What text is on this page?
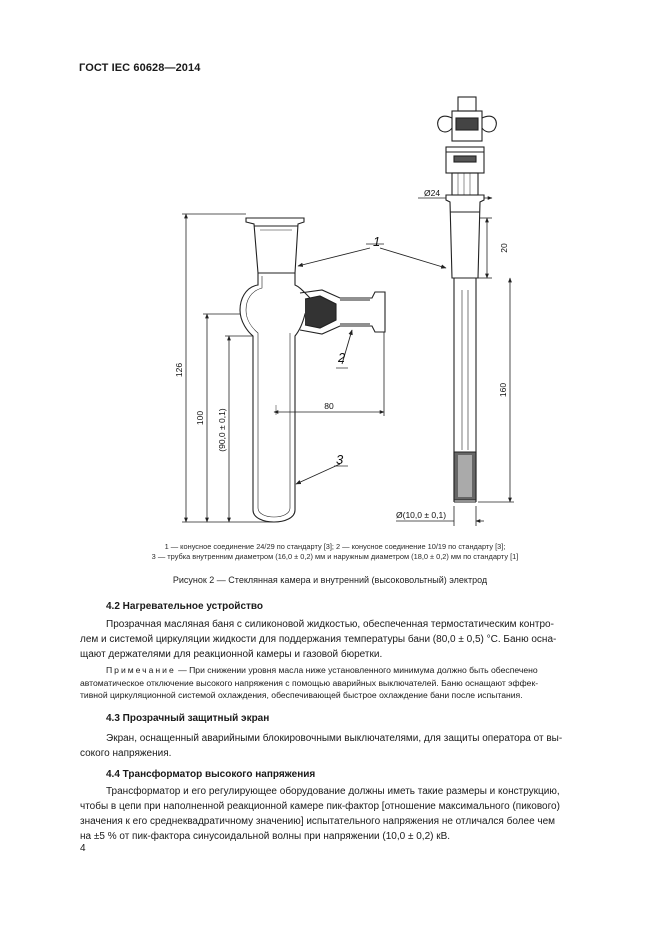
ГОСТ IEC 60628—2014
1
2
3
126
100 (90,0 ± 0,1)
80
Ø24
20
160
Ø(10,0 ± 0,1)
1 — конусное соединение 24/29 по стандарту [3]; 2 — конусное соединение 10/19 по стандарту [3];
3 — трубка внутренним диаметром (16,0 ± 0,2) мм и наружным диаметром (18,0 ± 0,2) мм по стандарту [1]
Рисунок 2 — Стеклянная камера и внутренний (высоковольтный) электрод
4.2 Нагревательное устройство

Прозрачная масляная баня с силиконовой жидкостью, обеспеченная термостатическим контро-

лем и системой циркуляции жидкости для поддержания температуры бани (80,0 ± 0,5) °С. Баню осна-
щают держателями для реакционной камеры и газовой бюретки.

Примечание — При снижении уровня масла ниже установленного минимума должно быть обеспечено

автоматическое отключение высокого напряжения с помощью аварийных выключателей. Баню оснащают эффек-
тивной циркуляционной системой охлаждения, обеспечивающей быстрое охлаждение бани после испытания.
4.3 Прозрачный защитный экран

Экран, оснащенный аварийными блокировочными выключателями, для защиты оператора от вы-

сокого напряжения.
4.4 Трансформатор высокого напряжения

Трансформатор и его регулирующее оборудование должны иметь такие размеры и конструкцию,

чтобы в цепи при наполненной реакционной камере пик-фактор [отношение максимального (пикового)
значения к его среднеквадратичному значению] испытательного напряжения не отличался более чем
на ±5 % от пик-фактора синусоидальной волны при напряжении (10,0 ± 0,2) кВ.
4
